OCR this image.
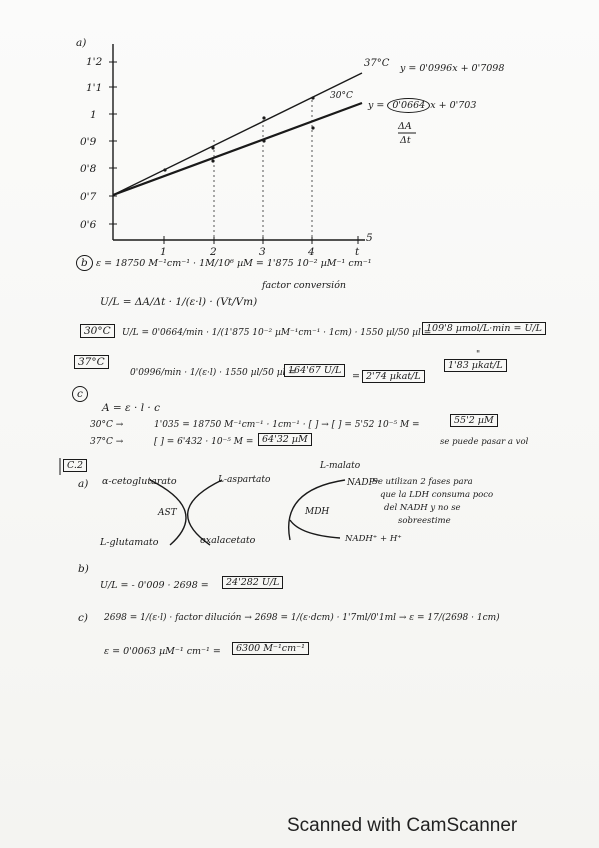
a)
1'2
1'1
1
0'9
0'8
0'7
0'6
1	2	3	4	t
5
37°C y = 0'0996x + 0'7098
30°C
y = 0'0664 x + 0'703
ΔA
Δt
b ε = 18750 M⁻¹cm⁻¹ · 1M/10⁶ µM = 1'875 10⁻² µM⁻¹ cm⁻¹
U/L = ΔA/Δt · 1/(ε·l) · (Vt/Vm)
factor conversión
30°C	U/L = 0'0664/min · 1/(1'875 10⁻² µM⁻¹cm⁻¹ · 1cm) · 1550 µl/50 µl =
109'8 µmol/L·min = U/L
"
37°C
0'0996/min · 1/(ε·l) · 1550 µl/50 µl =
164'67 U/L
= 2'74 µkat/L
1'83 µkat/L
c
A = ε · l · c
30°C →	1'035 = 18750 M⁻¹cm⁻¹ · 1cm⁻¹ · [ ] → [ ] = 5'52 10⁻⁵ M =	55'2 µM
37°C →	[ ] = 6'432 · 10⁻⁵ M = 64'32 µM	se puede pasar a vol
C.2	L-malato
a) α-cetoglutarato	L-aspartato	NADP⁺
AST	MDH
L-glutamato	oxalacetato	NADH⁺ + H⁺
Se utilizan 2 fases para
que la LDH consuma poco
del NADH y no se
sobreestime
b)
U/L = - 0'009 · 2698 =	24'282 U/L
c) 2698 = 1/(ε·l) · factor dilución → 2698 = 1/(ε·dcm) · 1'7ml/0'1ml → ε = 17/(2698 · 1cm)
ε = 0'0063 µM⁻¹ cm⁻¹ =	6300 M⁻¹cm⁻¹
Scanned with CamScanner
